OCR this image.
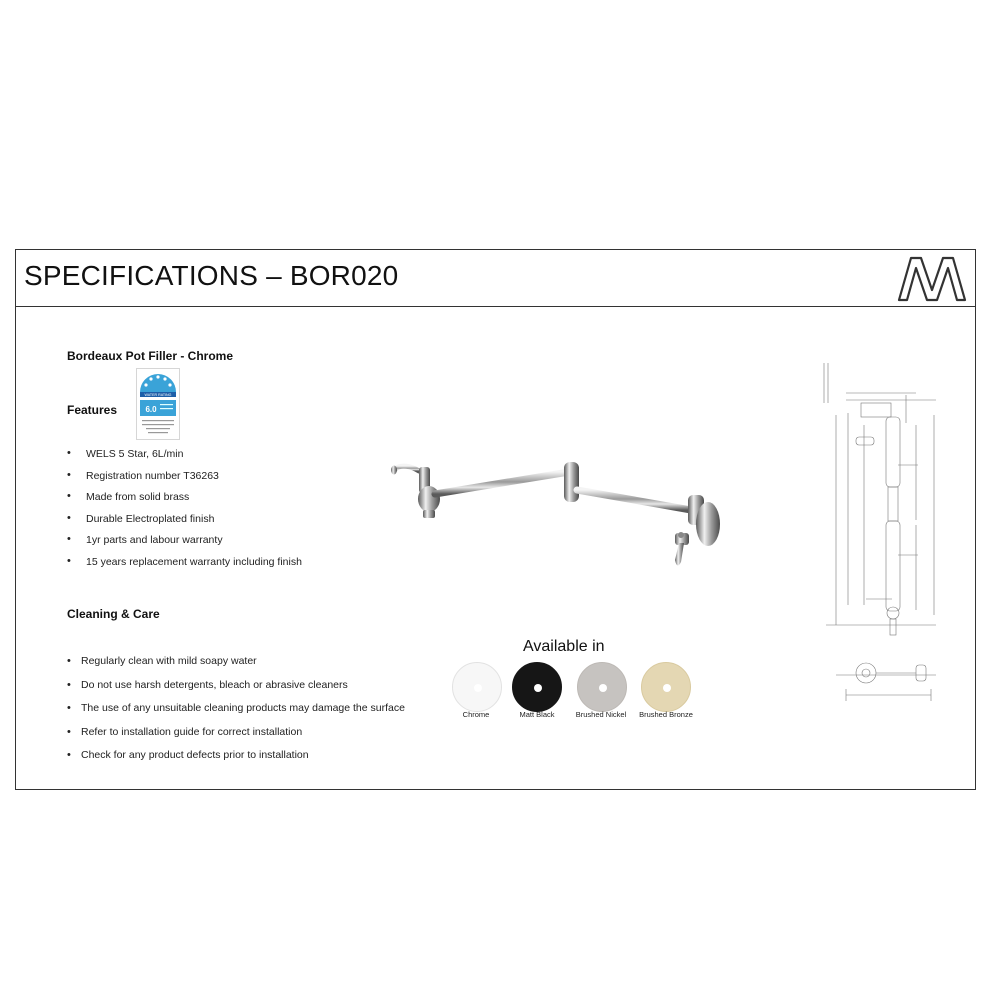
SPECIFICATIONS – BOR020
Bordeaux Pot Filler - Chrome
WATER RATING
6.0
Features
• WELS 5 Star, 6L/min
• Registration number T36263
• Made from solid brass
• Durable Electroplated finish
• 1yr parts and labour warranty
• 15 years replacement warranty including finish
Cleaning & Care
• Regularly clean with mild soapy water
• Do not use harsh detergents, bleach or abrasive cleaners
• The use of any unsuitable cleaning products may damage the surface
• Refer to installation guide for correct installation
• Check for any product defects prior to installation
Available in
Chrome	Matt Black	Brushed Nickel	Brushed Bronze
